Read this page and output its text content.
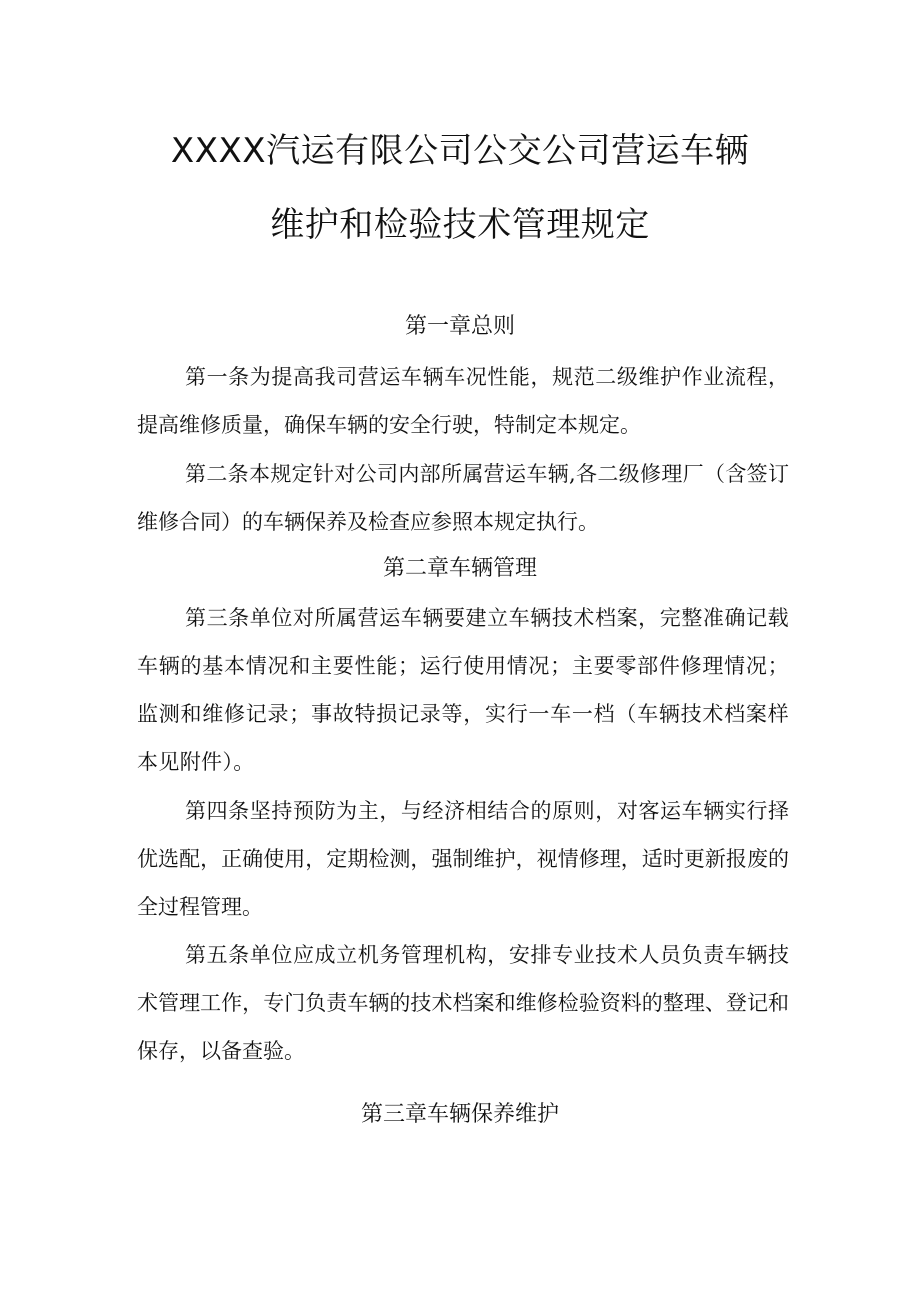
XXXX汽运有限公司公交公司营运车辆
维护和检验技术管理规定
第一章总则

第一条为提高我司营运车辆车况性能，规范二级维护作业流程，提高维修质量，确保车辆的安全行驶，特制定本规定。

第二条本规定针对公司内部所属营运车辆,各二级修理厂（含签订维修合同）的车辆保养及检查应参照本规定执行。

第二章车辆管理

第三条单位对所属营运车辆要建立车辆技术档案，完整准确记载车辆的基本情况和主要性能；运行使用情况；主要零部件修理情况；监测和维修记录；事故特损记录等，实行一车一档（车辆技术档案样本见附件）。

第四条坚持预防为主，与经济相结合的原则，对客运车辆实行择优选配，正确使用，定期检测，强制维护，视情修理，适时更新报废的全过程管理。

第五条单位应成立机务管理机构，安排专业技术人员负责车辆技术管理工作，专门负责车辆的技术档案和维修检验资料的整理、登记和保存，以备查验。

第三章车辆保养维护
